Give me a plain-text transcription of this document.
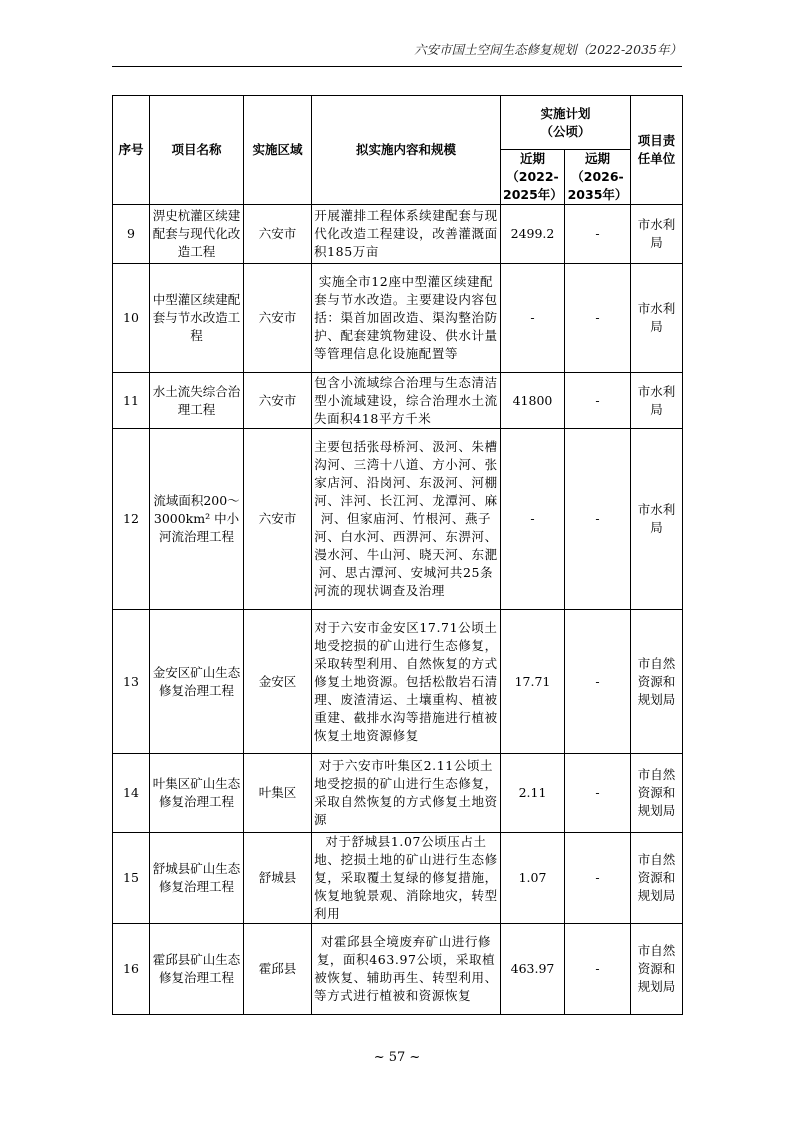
六安市国土空间生态修复规划（2022-2035年）
序号	项目名称	实施区域	拟实施内容和规模	实施计划（公顷）		项目责任单位
				近期（2022-2025年）	远期（2026-2035年）	
9	淠史杭灌区续建配套与现代化改造工程	六安市	开展灌排工程体系续建配套与现代化改造工程建设，改善灌溉面积185万亩	2499.2	-	市水利局
10	中型灌区续建配套与节水改造工程	六安市	实施全市12座中型灌区续建配套与节水改造。主要建设内容包括：渠首加固改造、渠沟整治防护、配套建筑物建设、供水计量等管理信息化设施配置等	-	-	市水利局
11	水土流失综合治理工程	六安市	包含小流域综合治理与生态清洁型小流域建设，综合治理水土流失面积418平方千米	41800	-	市水利局
12	流域面积200～3000km² 中小河流治理工程	六安市	主要包括张母桥河、汲河、朱槽沟河、三湾十八道、方小河、张家店河、沿岗河、东汲河、河棚河、沣河、长江河、龙潭河、麻河、但家庙河、竹根河、燕子河、白水河、西淠河、东淠河、漫水河、牛山河、晓天河、东淝河、思古潭河、安城河共25条河流的现状调查及治理	-	-	市水利局
13	金安区矿山生态修复治理工程	金安区	对于六安市金安区17.71公顷土地受挖损的矿山进行生态修复，采取转型利用、自然恢复的方式修复土地资源。包括松散岩石清理、废渣清运、土壤重构、植被重建、截排水沟等措施进行植被恢复土地资源修复	17.71	-	市自然资源和规划局
14	叶集区矿山生态修复治理工程	叶集区	对于六安市叶集区2.11公顷土地受挖损的矿山进行生态修复，采取自然恢复的方式修复土地资源	2.11	-	市自然资源和规划局
15	舒城县矿山生态修复治理工程	舒城县	对于舒城县1.07公顷压占土地、挖损土地的矿山进行生态修复，采取覆土复绿的修复措施，恢复地貌景观、消除地灾，转型利用	1.07	-	市自然资源和规划局
16	霍邱县矿山生态修复治理工程	霍邱县	对霍邱县全境废弃矿山进行修复，面积463.97公顷，采取植被恢复、辅助再生、转型利用、等方式进行植被和资源恢复	463.97	-	市自然资源和规划局
~ 57 ~
